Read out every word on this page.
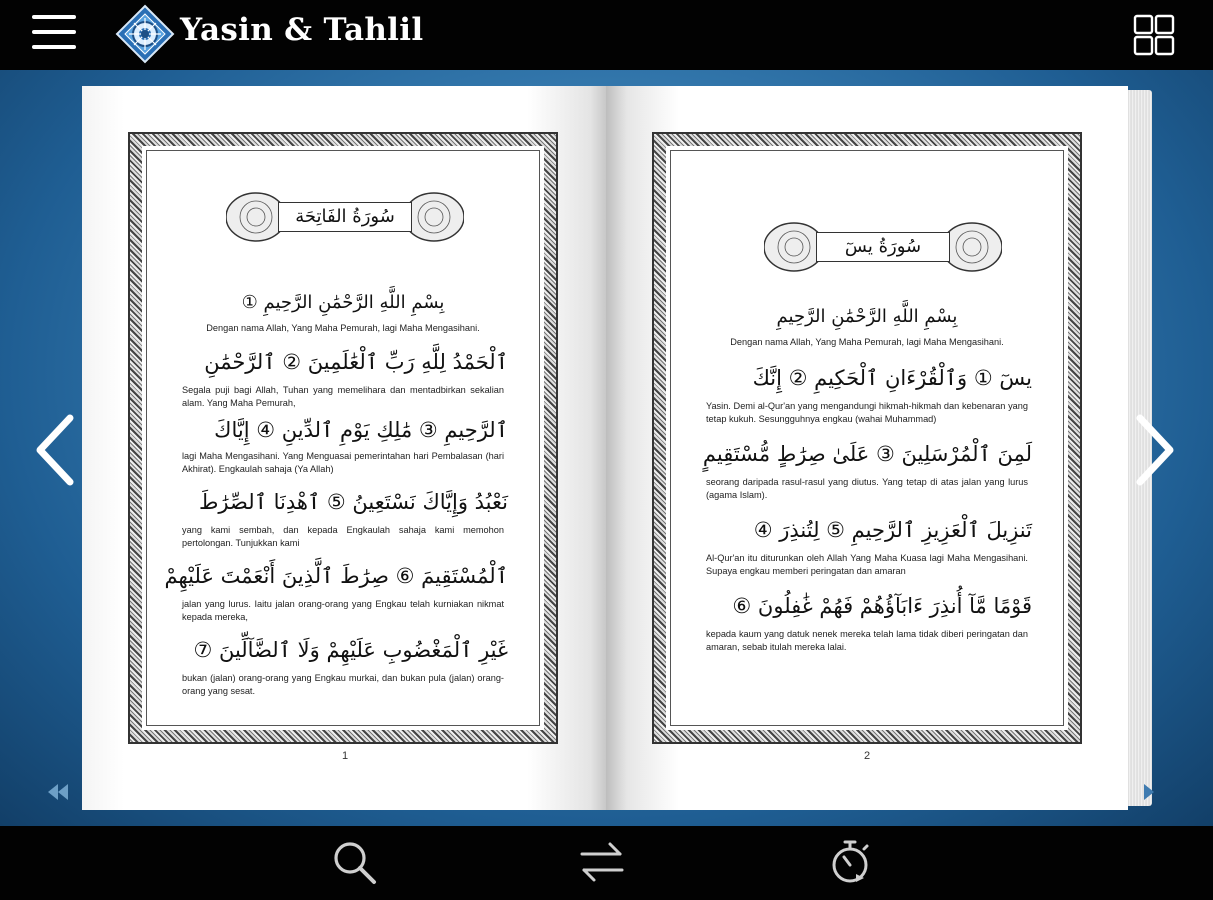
Yasin & Tahlil
سُورَةُ الفَاتِحَة
بِسْمِ اللَّهِ الرَّحْمَٰنِ الرَّحِيمِ ①
Dengan nama Allah, Yang Maha Pemurah, lagi Maha Mengasihani.
ٱلْحَمْدُ لِلَّهِ رَبِّ ٱلْعَٰلَمِينَ ② ٱلرَّحْمَٰنِ
Segala puji bagi Allah, Tuhan yang memelihara dan mentadbirkan sekalian alam. Yang Maha Pemurah,
ٱلرَّحِيمِ ③ مَٰلِكِ يَوْمِ ٱلدِّينِ ④ إِيَّاكَ
lagi Maha Mengasihani. Yang Menguasai pemerintahan hari Pembalasan (hari Akhirat). Engkaulah sahaja (Ya Allah)
نَعْبُدُ وَإِيَّاكَ نَسْتَعِينُ ⑤ ٱهْدِنَا ٱلصِّرَٰطَ
yang kami sembah, dan kepada Engkaulah sahaja kami memohon pertolongan. Tunjukkan kami
ٱلْمُسْتَقِيمَ ⑥ صِرَٰطَ ٱلَّذِينَ أَنْعَمْتَ عَلَيْهِمْ
jalan yang lurus. Iaitu jalan orang-orang yang Engkau telah kurniakan nikmat kepada mereka,
غَيْرِ ٱلْمَغْضُوبِ عَلَيْهِمْ وَلَا ٱلضَّآلِّينَ ⑦
bukan (jalan) orang-orang yang Engkau murkai, dan bukan pula (jalan) orang-orang yang sesat.
1
سُورَةُ يسٓ
بِسْمِ اللَّهِ الرَّحْمَٰنِ الرَّحِيمِ
Dengan nama Allah, Yang Maha Pemurah, lagi Maha Mengasihani.
يسٓ ① وَٱلْقُرْءَانِ ٱلْحَكِيمِ ② إِنَّكَ
Yasin. Demi al-Qur'an yang mengandungi hikmah-hikmah dan kebenaran yang tetap kukuh. Sesungguhnya engkau (wahai Muhammad)
لَمِنَ ٱلْمُرْسَلِينَ ③ عَلَىٰ صِرَٰطٍ مُّسْتَقِيمٍ
seorang daripada rasul-rasul yang diutus. Yang tetap di atas jalan yang lurus (agama Islam).
تَنزِيلَ ٱلْعَزِيزِ ٱلرَّحِيمِ ⑤ لِتُنذِرَ ④
Al-Qur'an itu diturunkan oleh Allah Yang Maha Kuasa lagi Maha Mengasihani. Supaya engkau memberi peringatan dan amaran
قَوْمًا مَّآ أُنذِرَ ءَابَآؤُهُمْ فَهُمْ غَٰفِلُونَ ⑥
kepada kaum yang datuk nenek mereka telah lama tidak diberi peringatan dan amaran, sebab itulah mereka lalai.
2
